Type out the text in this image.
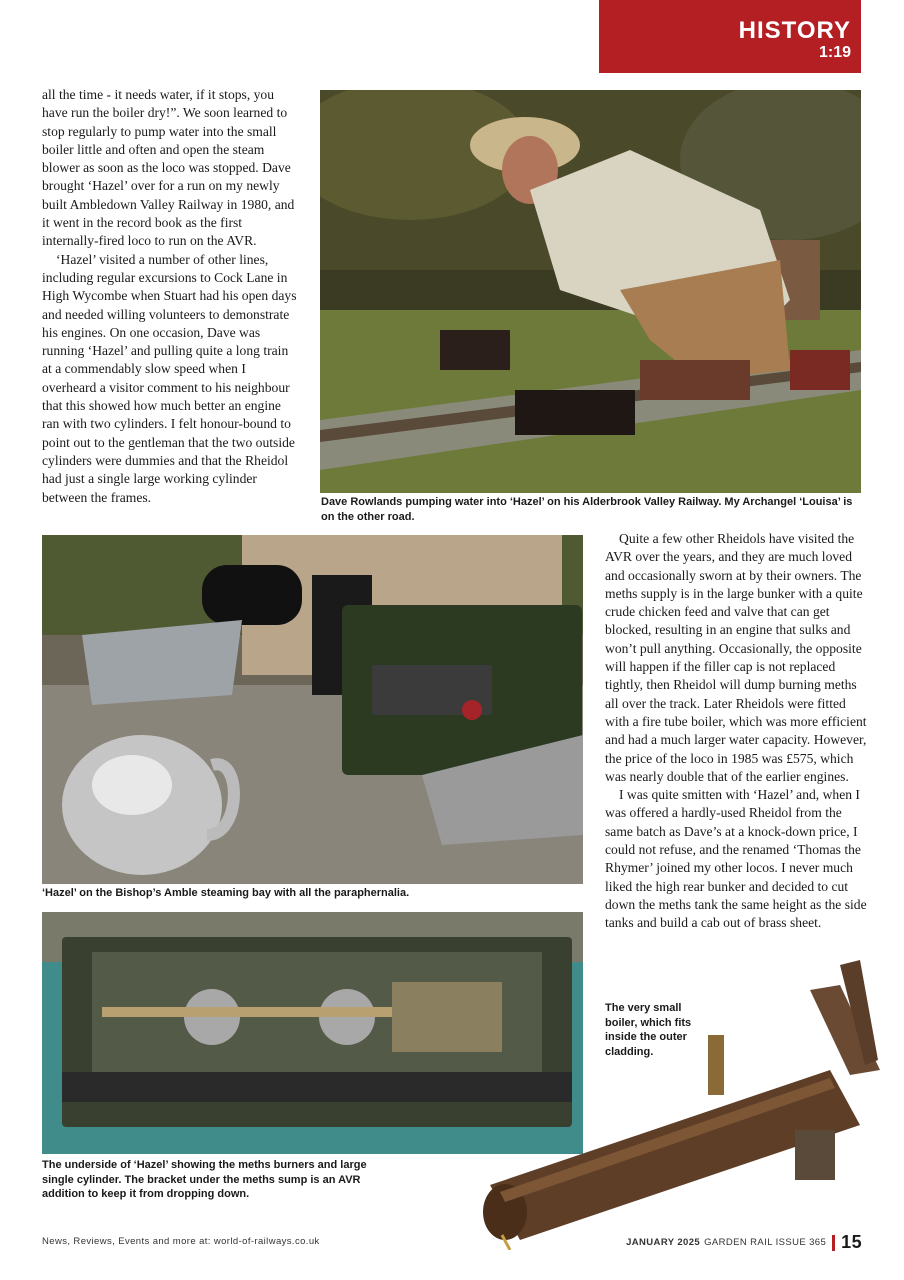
HISTORY
1:19

all the time - it needs water, if it stops, you have run the boiler dry!”. We soon learned to stop regularly to pump water into the small boiler little and often and open the steam blower as soon as the loco was stopped. Dave brought ‘Hazel’ over for a run on my newly built Ambledown Valley Railway in 1980, and it went in the record book as the first internally-fired loco to run on the AVR.

‘Hazel’ visited a number of other lines, including regular excursions to Cock Lane in High Wycombe when Stuart had his open days and needed willing volunteers to demonstrate his engines. On one occasion, Dave was running ‘Hazel’ and pulling quite a long train at a commendably slow speed when I overheard a visitor comment to his neighbour that this showed how much better an engine ran with two cylinders. I felt honour-bound to point out to the gentleman that the two outside cylinders were dummies and that the Rheidol had just a single large working cylinder between the frames.	Dave Rowlands pumping water into ‘Hazel’ on his Alderbrook Valley Railway. My Archangel ‘Louisa’ is on the other road.
‘Hazel’ on the Bishop’s Amble steaming bay with all the paraphernalia.

Quite a few other Rheidols have visited the AVR over the years, and they are much loved and occasionally sworn at by their owners. The meths supply is in the large bunker with a quite crude chicken feed and valve that can get blocked, resulting in an engine that sulks and won’t pull anything. Occasionally, the opposite will happen if the filler cap is not replaced tightly, then Rheidol will dump burning meths all over the track. Later Rheidols were fitted with a fire tube boiler, which was more efficient and had a much larger water capacity. However, the price of the loco in 1985 was £575, which was nearly double that of the earlier engines.

I was quite smitten with ‘Hazel’ and, when I was offered a hardly-used Rheidol from the same batch as Dave’s at a knock-down price, I could not refuse, and the renamed ‘Thomas the Rhymer’ joined my other locos. I never much liked the high rear bunker and decided to cut down the meths tank the same height as the side tanks and build a cab out of brass sheet.

The underside of ‘Hazel’ showing the meths burners and large single cylinder. The bracket under the meths sump is an AVR addition to keep it from dropping down.
The very small boiler, which fits inside the outer cladding.
News, Reviews, Events and more at: world-of-railways.co.uk	JANUARY 2025 GARDEN RAIL ISSUE 365 15
